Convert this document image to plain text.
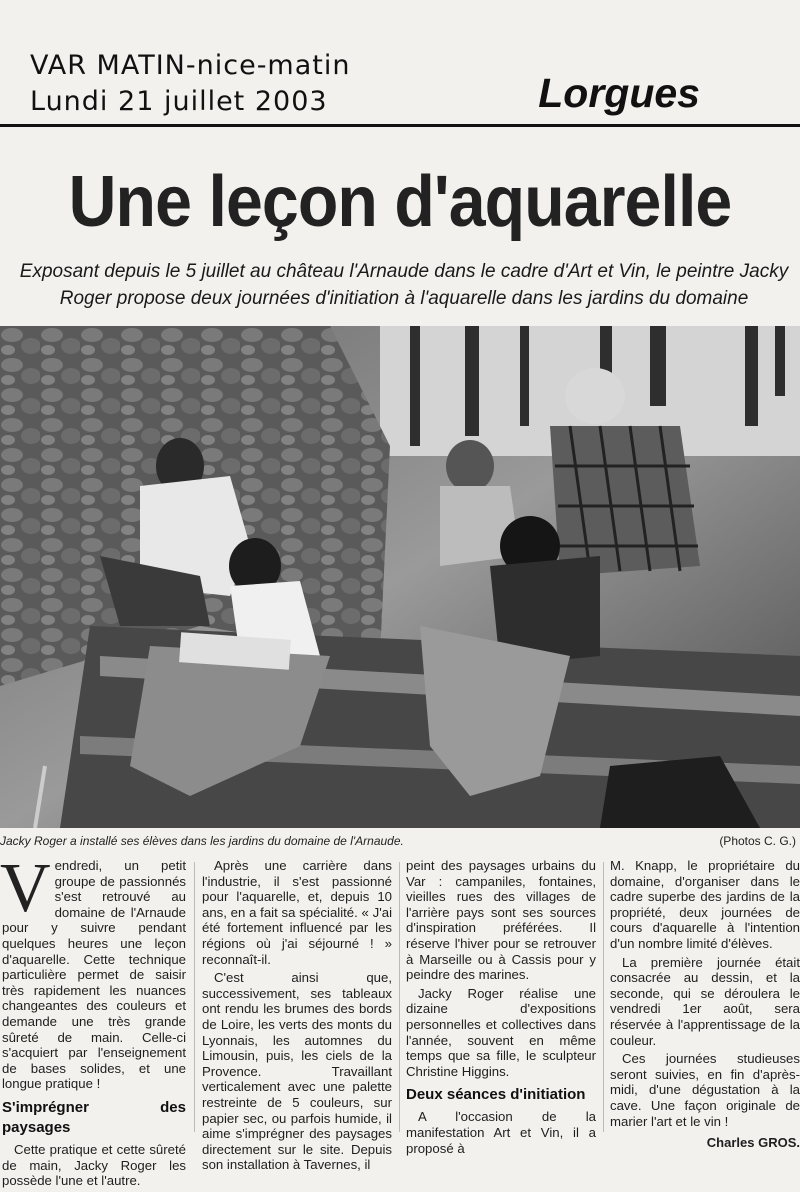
VAR MATIN-nice-matin
Lundi 21 juillet 2003	Lorgues
Une leçon d'aquarelle
Exposant depuis le 5 juillet au château l'Arnaude dans le cadre d'Art et Vin, le peintre Jacky Roger propose deux journées d'initiation à l'aquarelle dans les jardins du domaine
Jacky Roger a installé ses élèves dans les jardins du domaine de l'Arnaude.	(Photos C. G.)

Vendredi, un petit groupe de passionnés s'est retrouvé au domaine de l'Arnaude pour y suivre pendant quelques heures une leçon d'aquarelle. Cette technique particulière permet de saisir très rapidement les nuances changeantes des couleurs et demande une très grande sûreté de main. Celle-ci s'acquiert par l'enseignement de bases solides, et une longue pratique !

S'imprégner des paysages

Cette pratique et cette sûreté de main, Jacky Roger les possède l'une et l'autre.

Après une carrière dans l'industrie, il s'est passionné pour l'aquarelle, et, depuis 10 ans, en a fait sa spécialité. « J'ai été fortement influencé par les régions où j'ai séjourné ! » reconnaît-il.

C'est ainsi que, successivement, ses tableaux ont rendu les brumes des bords de Loire, les verts des monts du Lyonnais, les automnes du Limousin, puis, les ciels de la Provence. Travaillant verticalement avec une palette restreinte de 5 couleurs, sur papier sec, ou parfois humide, il aime s'imprégner des paysages directement sur le site. Depuis son installation à Tavernes, il

peint des paysages urbains du Var : campaniles, fontaines, vieilles rues des villages de l'arrière pays sont ses sources d'inspiration préférées. Il réserve l'hiver pour se retrouver à Marseille ou à Cassis pour y peindre des marines.

Jacky Roger réalise une dizaine d'expositions personnelles et collectives dans l'année, souvent en même temps que sa fille, le sculpteur Christine Higgins.

Deux séances d'initiation

A l'occasion de la manifestation Art et Vin, il a proposé à

M. Knapp, le propriétaire du domaine, d'organiser dans le cadre superbe des jardins de la propriété, deux journées de cours d'aquarelle à l'intention d'un nombre limité d'élèves.

La première journée était consacrée au dessin, et la seconde, qui se déroulera le vendredi 1er août, sera réservée à l'apprentissage de la couleur.

Ces journées studieuses seront suivies, en fin d'après-midi, d'une dégustation à la cave. Une façon originale de marier l'art et le vin !

Charles GROS.
